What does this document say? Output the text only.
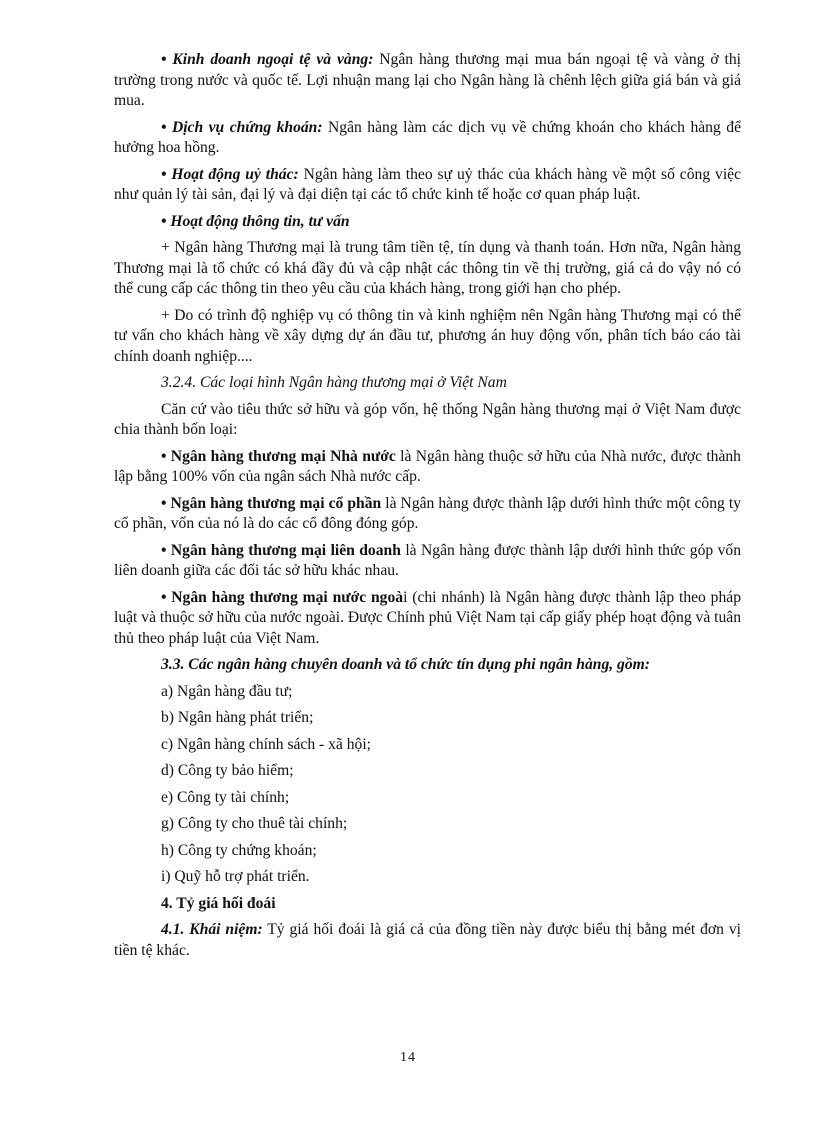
• Kinh doanh ngoại tệ và vàng: Ngân hàng thương mại mua bán ngoại tệ và vàng ở thị trường trong nước và quốc tế. Lợi nhuận mang lại cho Ngân hàng là chênh lệch giữa giá bán và giá mua.

• Dịch vụ chứng khoán: Ngân hàng làm các dịch vụ về chứng khoán cho khách hàng để hưởng hoa hồng.

• Hoạt động uỷ thác: Ngân hàng làm theo sự uỷ thác của khách hàng về một số công việc như quản lý tài sản, đại lý và đại diện tại các tổ chức kinh tế hoặc cơ quan pháp luật.

• Hoạt động thông tin, tư vấn

+ Ngân hàng Thương mại là trung tâm tiền tệ, tín dụng và thanh toán. Hơn nữa, Ngân hàng Thương mại là tổ chức có khá đầy đủ và cập nhật các thông tin về thị trường, giá cả do vậy nó có thể cung cấp các thông tin theo yêu cầu của khách hàng, trong giới hạn cho phép.

+ Do có trình độ nghiệp vụ có thông tin và kinh nghiệm nên Ngân hàng Thương mại có thể tư vấn cho khách hàng về xây dựng dự án đầu tư, phương án huy động vốn, phân tích báo cáo tài chính doanh nghiệp....

3.2.4. Các loại hình Ngân hàng thương mại ở Việt Nam

Căn cứ vào tiêu thức sở hữu và góp vốn, hệ thống Ngân hàng thương mại ở Việt Nam được chia thành bốn loại:

• Ngân hàng thương mại Nhà nước là Ngân hàng thuộc sở hữu của Nhà nước, được thành lập bằng 100% vốn của ngân sách Nhà nước cấp.

• Ngân hàng thương mại cổ phần là Ngân hàng được thành lập dưới hình thức một công ty cổ phần, vốn của nó là do các cổ đông đóng góp.

• Ngân hàng thương mại liên doanh là Ngân hàng được thành lập dưới hình thức góp vốn liên doanh giữa các đối tác sở hữu khác nhau.

• Ngân hàng thương mại nước ngoài (chi nhánh) là Ngân hàng được thành lập theo pháp luật và thuộc sở hữu của nước ngoài. Được Chính phủ Việt Nam tại cấp giấy phép hoạt động và tuân thủ theo pháp luật của Việt Nam.

3.3. Các ngân hàng chuyên doanh và tổ chức tín dụng phi ngân hàng, gồm:

a) Ngân hàng đầu tư;

b) Ngân hàng phát triển;

c) Ngân hàng chính sách - xã hội;

d) Công ty bảo hiểm;

e) Công ty tài chính;

g) Công ty cho thuê tài chính;

h) Công ty chứng khoán;

i) Quỹ hỗ trợ phát triển.

4. Tỷ giá hối đoái

4.1. Khái niệm: Tỷ giá hối đoái là giá cả của đồng tiền này được biểu thị bằng mét đơn vị tiền tệ khác.

14
